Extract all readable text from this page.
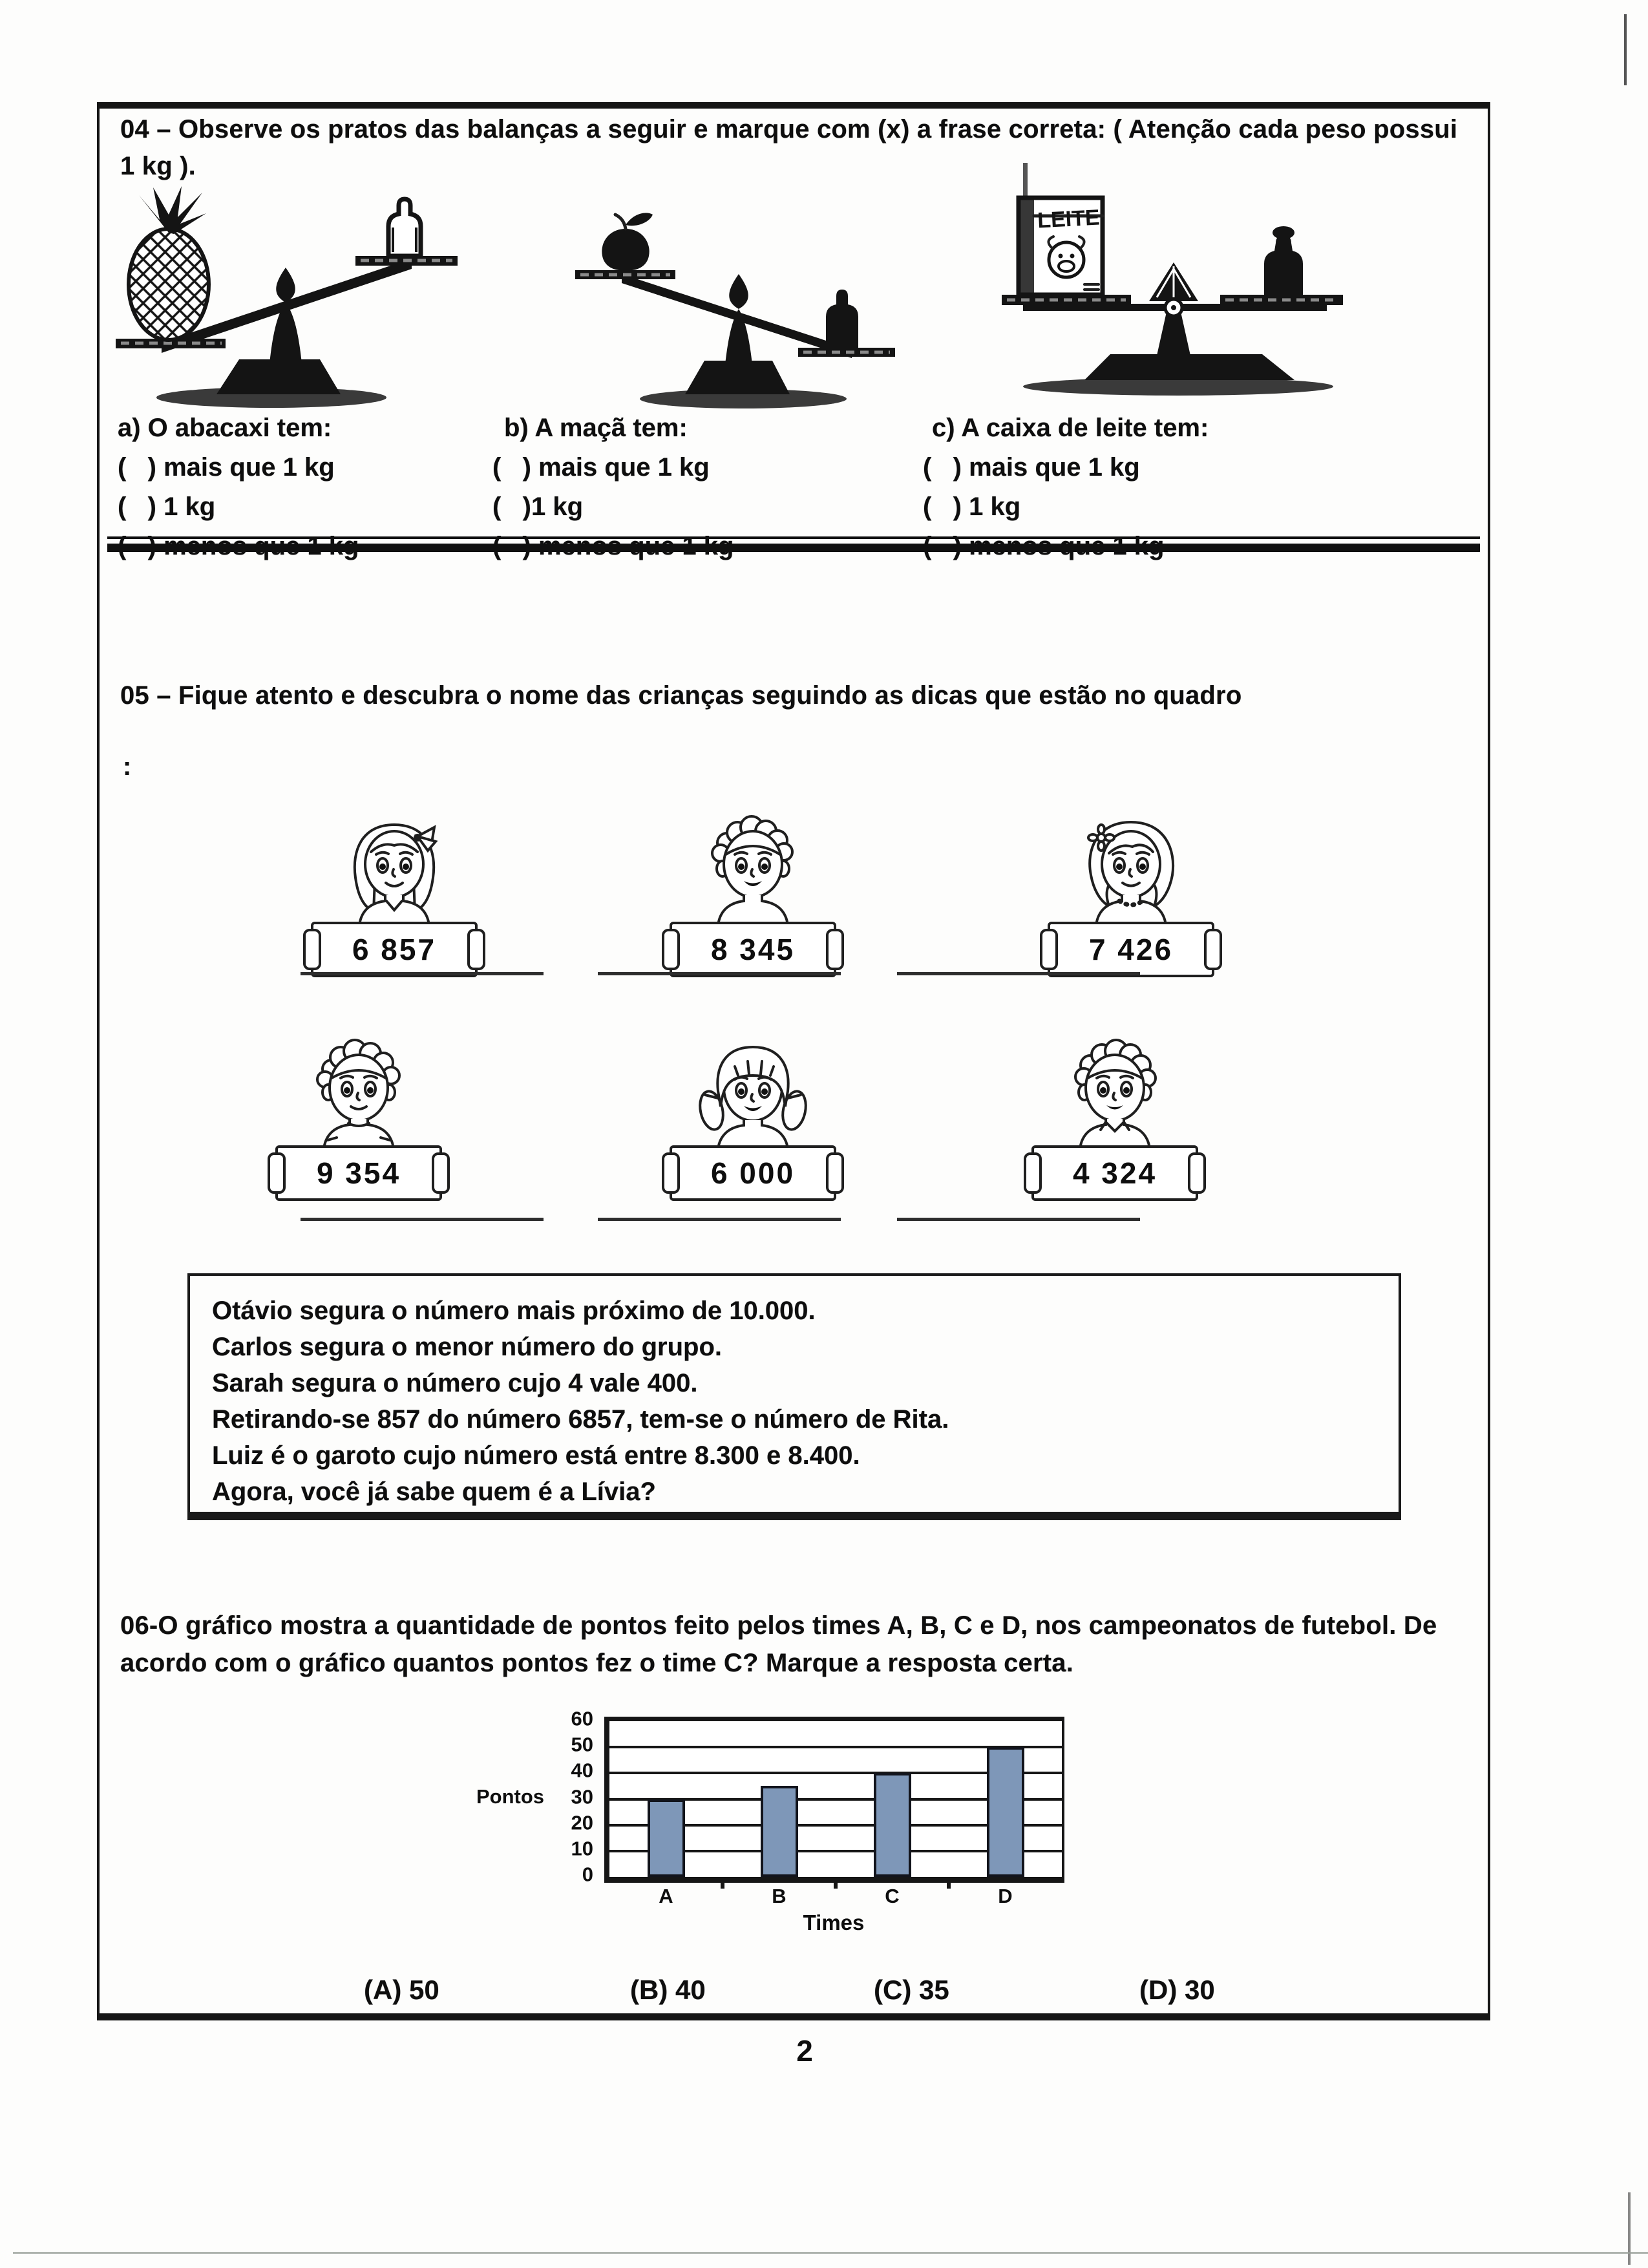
04 – Observe os pratos das balanças a seguir e marque com (x) a frase correta: ( Atenção cada peso possui 1 kg ).
LEITE
a) O abacaxi tem:
(   ) mais que 1 kg
(   ) 1 kg
b) A maçã tem:
(   ) mais que 1 kg
(   )1 kg
c) A caixa de leite tem:
(   ) mais que 1 kg
(   ) 1 kg
05 – Fique atento e descubra o nome das crianças seguindo as dicas que estão no quadro
:
6 857	8 345	7 426
9 354	6 000	4 324
Otávio segura o número mais próximo de 10.000.
Carlos segura o menor número do grupo.
Sarah segura o número cujo 4 vale 400.
Retirando-se 857 do número 6857, tem-se o número de Rita.
Luiz é o garoto cujo número está entre 8.300 e 8.400.
Agora, você já sabe quem é a Lívia?
06-O gráfico mostra a quantidade de pontos feito pelos times A, B, C e D, nos campeonatos de futebol. De acordo com o gráfico quantos pontos fez o time C? Marque a resposta certa.
Pontos
0
10
20
30
40
50
60
A	B	C	D
Times
(A) 50	(B) 40	(C) 35	(D) 30
2
